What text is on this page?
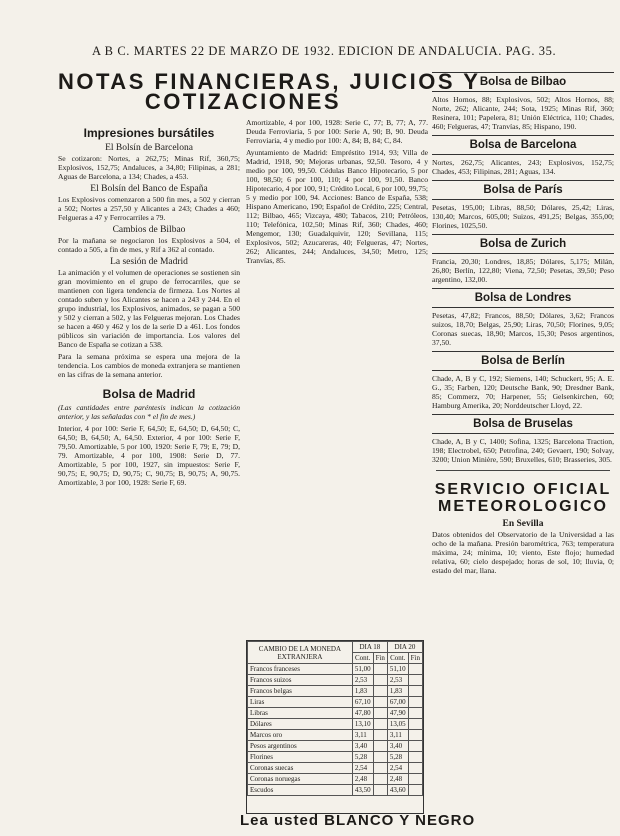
A B C. MARTES 22 DE MARZO DE 1932. EDICION DE ANDALUCIA. PAG. 35.
NOTAS FINANCIERAS, JUICIOS Y
COTIZACIONES
Impresiones bursátiles
El Bolsín de Barcelona

Se cotizaron: Nortes, a 262,75; Minas Rif, 360,75; Explosivos, 152,75; Andaluces, a 34,80; Filipinas, a 281; Aguas de Barcelona, a 134; Chades, a 453.

El Bolsín del Banco de España

Los Explosivos comenzaron a 500 fin mes, a 502 y cierran a 502; Nortes a 257,50 y Alicantes a 243; Chades a 460; Felgueras a 47 y Ferrocarriles a 79.

Cambios de Bilbao

Por la mañana se negociaron los Explosivos a 504, el contado a 505, a fin de mes, y Rif a 362 al contado.

La sesión de Madrid

La animación y el volumen de operaciones se sostienen sin gran movimiento en el grupo de ferrocarriles, que se mantienen con ligera tendencia de firmeza. Los Nortes al contado suben y los Alicantes se hacen a 243 y 244. En el grupo industrial, los Explosivos, animados, se pagan a 500 y 502 y cierran a 502, y las Felgueras mejoran. Los Chades se hacen a 460 y 462 y los de la serie D a 461. Los fondos públicos sin variación de importancia. Los valores del Banco de España se cotizan a 538.

Para la semana próxima se espera una mejora de la tendencia. Los cambios de moneda extranjera se mantienen en las cifras de la semana anterior.

Bolsa de Madrid

(Las cantidades entre paréntesis indican la cotización anterior, y las señaladas con * el fin de mes.)

Interior, 4 por 100: Serie F, 64,50; E, 64,50; D, 64,50; C, 64,50; B, 64,50; A, 64,50. Exterior, 4 por 100: Serie F, 79,50. Amortizable, 5 por 100, 1920: Serie F, 79; E, 79; D, 79. Amortizable, 4 por 100, 1908: Serie D, 77. Amortizable, 5 por 100, 1927, sin impuestos: Serie F, 90,75; E, 90,75; D, 90,75; C, 90,75; B, 90,75; A, 90,75. Amortizable, 3 por 100, 1928: Serie F, 69.

Amortizable, 4 por 100, 1928: Serie C, 77; B, 77; A, 77. Deuda Ferroviaria, 5 por 100: Serie A, 90; B, 90. Deuda Ferroviaria, 4 y medio por 100: A, 84; B, 84; C, 84.

Ayuntamiento de Madrid: Empréstito 1914, 93; Villa de Madrid, 1918, 90; Mejoras urbanas, 92,50. Tesoro, 4 y medio por 100, 99,50. Cédulas Banco Hipotecario, 5 por 100, 98,50; 6 por 100, 110; 4 por 100, 91,50. Banco Hipotecario, 4 por 100, 91; Crédito Local, 6 por 100, 99,75; 5 y medio por 100, 94. Acciones: Banco de España, 538; Hispano Americano, 190; Español de Crédito, 225; Central, 112; Bilbao, 465; Vizcaya, 480; Tabacos, 210; Petróleos, 110; Telefónica, 102,50; Minas Rif, 360; Chades, 460; Mengemor, 130; Guadalquivir, 120; Sevillana, 115; Explosivos, 502; Azucareras, 40; Felgueras, 47; Nortes, 262; Alicantes, 244; Andaluces, 34,50; Metro, 125; Tranvías, 85.

CAMBIO DE LA MONEDA EXTRANJERA	DIA 18		DIA 20	
	Cont.	Fin	Cont.	Fin
Francos franceses	51,00		51,10	
Francos suizos	2,53		2,53	
Francos belgas	1,83		1,83	
Liras	67,10		67,00	
Libras	47,80		47,90	
Dólares	13,10		13,05	
Marcos oro	3,11		3,11	
Pesos argentinos	3,40		3,40	
Florines	5,28		5,28	
Coronas suecas	2,54		2,54	
Coronas noruegas	2,48		2,48	
Escudos	43,50		43,60	
Lea usted BLANCO Y NEGRO
Bolsa de Bilbao

Altos Hornos, 88; Explosivos, 502; Altos Hornos, 88; Norte, 262; Alicante, 244; Sota, 1925; Minas Rif, 360; Resinera, 101; Papelera, 81; Unión Eléctrica, 110; Chades, 460; Felgueras, 47; Tranvías, 85; Hispano, 190.

Bolsa de Barcelona

Nortes, 262,75; Alicantes, 243; Explosivos, 152,75; Chades, 453; Filipinas, 281; Aguas, 134.

Bolsa de París

Pesetas, 195,00; Libras, 88,50; Dólares, 25,42; Liras, 130,40; Marcos, 605,00; Suizos, 491,25; Belgas, 355,00; Florines, 1025,50.

Bolsa de Zurich

Francia, 20,30; Londres, 18,85; Dólares, 5,175; Milán, 26,80; Berlín, 122,80; Viena, 72,50; Pesetas, 39,50; Peso argentino, 132,00.

Bolsa de Londres

Pesetas, 47,82; Francos, 88,50; Dólares, 3,62; Francos suizos, 18,70; Belgas, 25,90; Liras, 70,50; Florines, 9,05; Coronas suecas, 18,90; Marcos, 15,30; Pesos argentinos, 37,50.

Bolsa de Berlín

Chade, A, B y C, 192; Siemens, 140; Schuckert, 95; A. E. G., 35; Farben, 120; Deutsche Bank, 90; Dresdner Bank, 85; Commerz, 70; Harpener, 55; Gelsenkirchen, 60; Hamburg Amerika, 20; Norddeutscher Lloyd, 22.

Bolsa de Bruselas

Chade, A, B y C, 1400; Sofina, 1325; Barcelona Traction, 198; Electrobel, 650; Petrofina, 240; Gevaert, 190; Solvay, 3200; Union Minière, 590; Bruxelles, 610; Brasseries, 305.

SERVICIO OFICIAL
METEOROLOGICO
En Sevilla

Datos obtenidos del Observatorio de la Universidad a las ocho de la mañana. Presión barométrica, 763; temperatura máxima, 24; mínima, 10; viento, Este flojo; humedad relativa, 60; cielo despejado; horas de sol, 10; lluvia, 0; estado del mar, llana.
